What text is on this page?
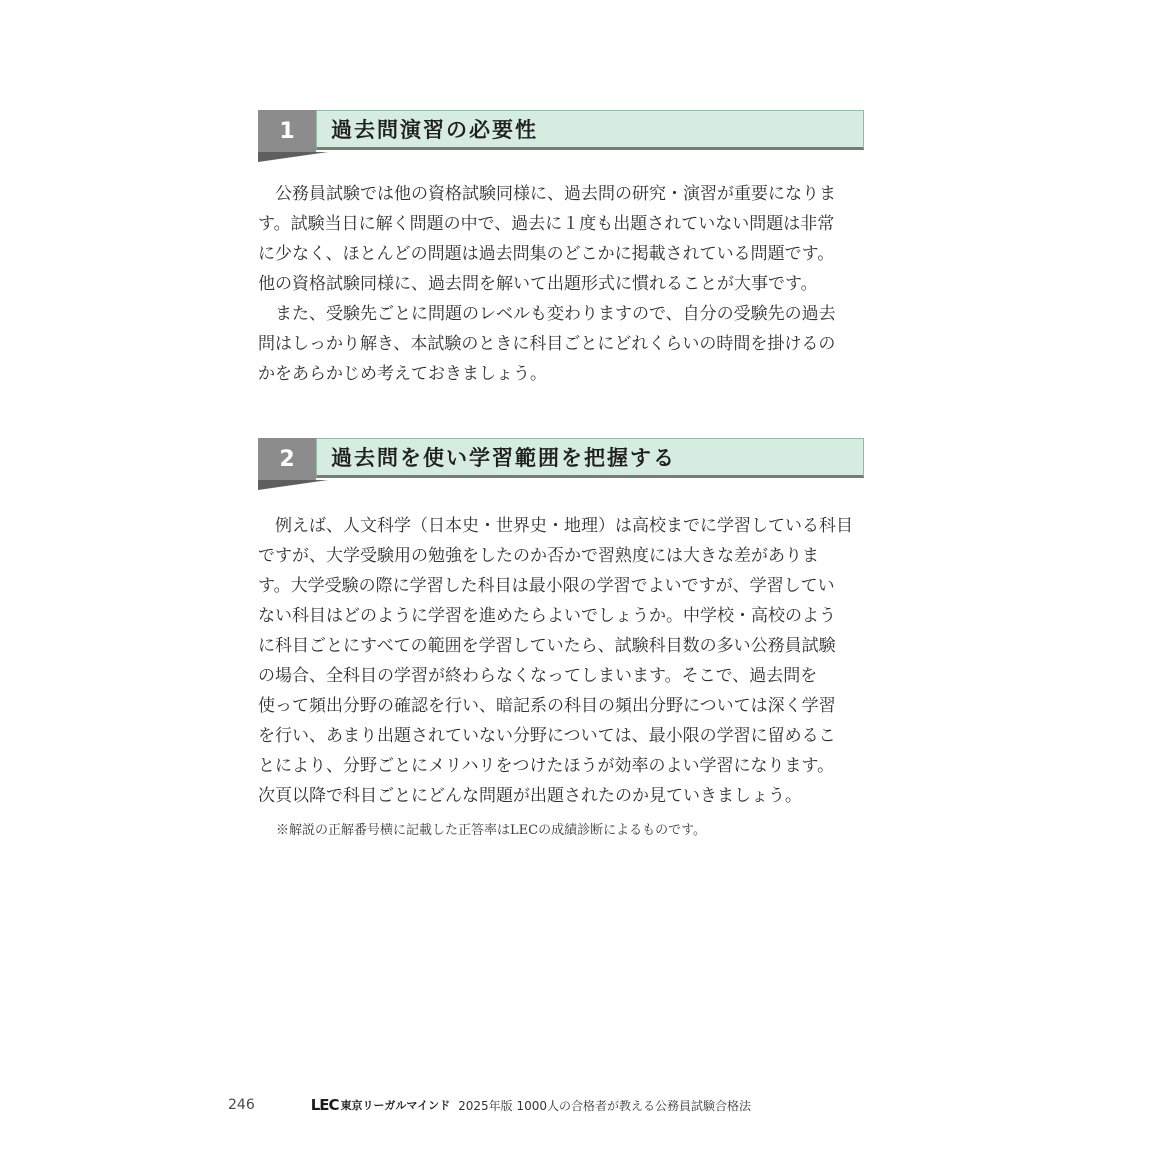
1	過去問演習の必要性

公務員試験では他の資格試験同様に、過去問の研究・演習が重要になりま

す。試験当日に解く問題の中で、過去に１度も出題されていない問題は非常

に少なく、ほとんどの問題は過去問集のどこかに掲載されている問題です。

他の資格試験同様に、過去問を解いて出題形式に慣れることが大事です。

また、受験先ごとに問題のレベルも変わりますので、自分の受験先の過去

問はしっかり解き、本試験のときに科目ごとにどれくらいの時間を掛けるの

かをあらかじめ考えておきましょう。

2	過去問を使い学習範囲を把握する

例えば、人文科学（日本史・世界史・地理）は高校までに学習している科目

ですが、大学受験用の勉強をしたのか否かで習熟度には大きな差がありま

す。大学受験の際に学習した科目は最小限の学習でよいですが、学習してい

ない科目はどのように学習を進めたらよいでしょうか。中学校・高校のよう

に科目ごとにすべての範囲を学習していたら、試験科目数の多い公務員試験

の場合、全科目の学習が終わらなくなってしまいます。そこで、過去問を

使って頻出分野の確認を行い、暗記系の科目の頻出分野については深く学習

を行い、あまり出題されていない分野については、最小限の学習に留めるこ

とにより、分野ごとにメリハリをつけたほうが効率のよい学習になります。

次頁以降で科目ごとにどんな問題が出題されたのか見ていきましょう。

※解説の正解番号横に記載した正答率はLECの成績診断によるものです。
246	LEC 東京リーガルマインド 2025年版 1000人の合格者が教える公務員試験合格法
